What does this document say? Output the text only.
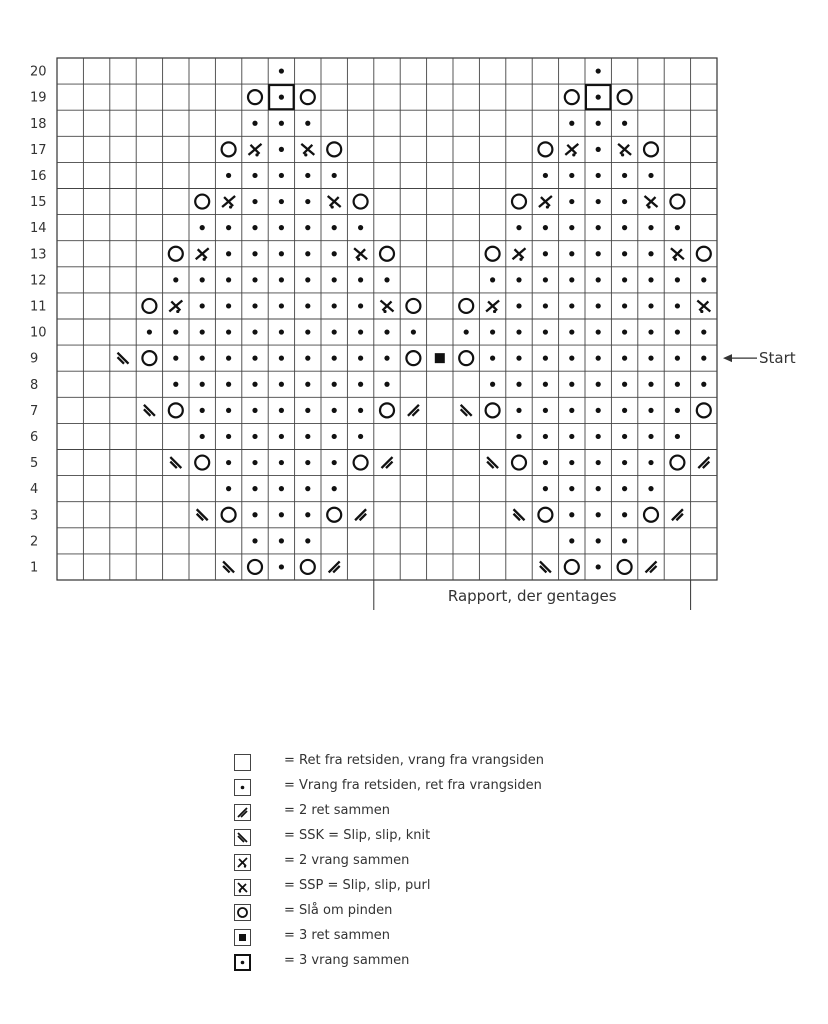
20
19
18
17
16
15
14
13
12
11
10
9
8
7
6
5
4
3
2
1
Start
Rapport, der gentages
= Ret fra retsiden, vrang fra vrangsiden
= Vrang fra retsiden, ret fra vrangsiden
= 2 ret sammen
= SSK = Slip, slip, knit
= 2 vrang sammen
= SSP = Slip, slip, purl
= Slå om pinden
= 3 ret sammen
= 3 vrang sammen
